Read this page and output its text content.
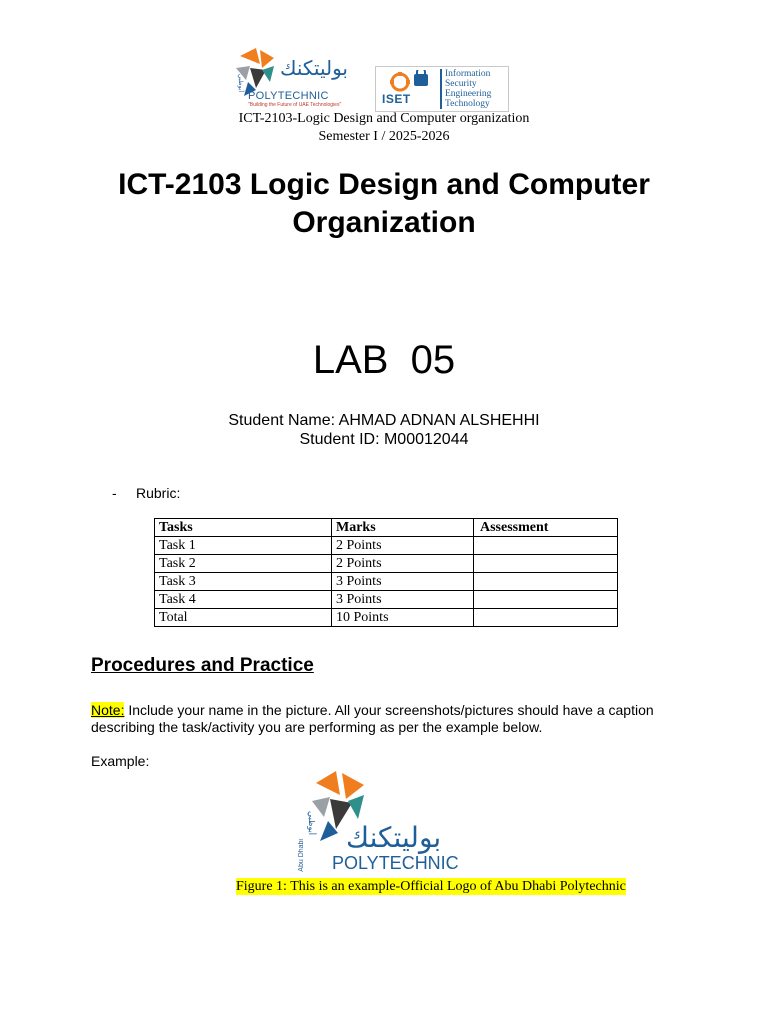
أبوظبي
بوليتكنك
POLYTECHNIC
"Building the Future of UAE Technologies"	ISET
Information
Security
Engineering
Technology
ICT-2103-Logic Design and Computer organization
Semester I / 2025-2026
ICT-2103 Logic Design and Computer
Organization
LAB  05
Student Name: AHMAD ADNAN ALSHEHHI
Student ID: M00012044
- Rubric:
Tasks	Marks	Assessment
Task 1	2 Points	
Task 2	2 Points	
Task 3	3 Points	
Task 4	3 Points	
Total	10 Points	
Procedures and Practice
Note: Include your name in the picture. All your screenshots/pictures should have a caption describing the task/activity you are performing as per the example below.
Example:
أبوظبي
Abu Dhabi
بوليتكنك
POLYTECHNIC
Figure 1: This is an example-Official Logo of Abu Dhabi Polytechnic
